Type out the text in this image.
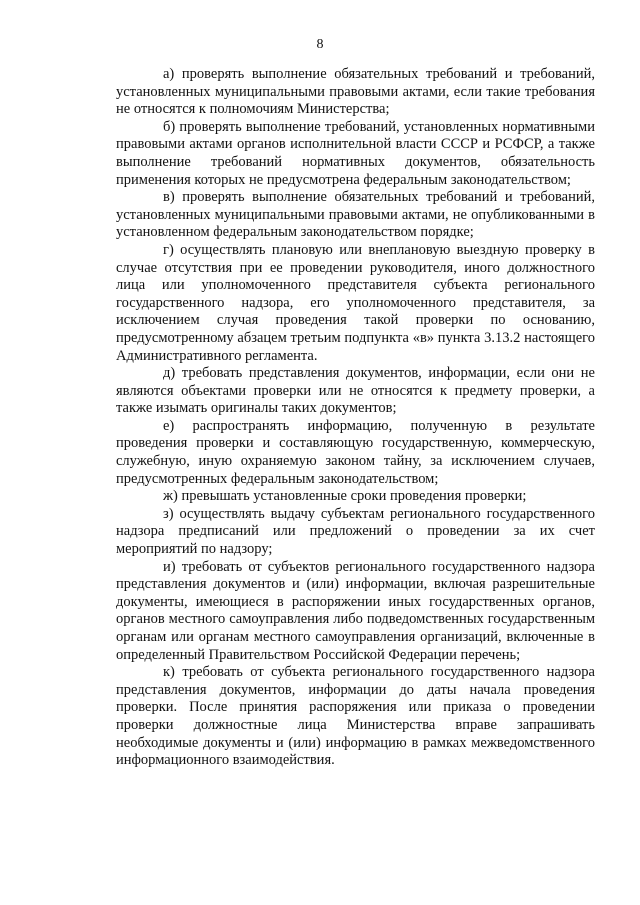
8

а) проверять выполнение обязательных требований и требований, установленных муниципальными правовыми актами, если такие требования не относятся к полномочиям Министерства;

б) проверять выполнение требований, установленных нормативными правовыми актами органов исполнительной власти СССР и РСФСР, а также выполнение требований нормативных документов, обязательность применения которых не предусмотрена федеральным законодательством;

в) проверять выполнение обязательных требований и требований, установленных муниципальными правовыми актами, не опубликованными в установленном федеральным законодательством порядке;

г) осуществлять плановую или внеплановую выездную проверку в случае отсутствия при ее проведении руководителя, иного должностного лица или уполномоченного представителя субъекта регионального государственного надзора, его уполномоченного представителя, за исключением случая проведения такой проверки по основанию, предусмотренному абзацем третьим подпункта «в» пункта 3.13.2 настоящего Административного регламента.

д) требовать представления документов, информации, если они не являются объектами проверки или не относятся к предмету проверки, а также изымать оригиналы таких документов;

е) распространять информацию, полученную в результате проведения проверки и составляющую государственную, коммерческую, служебную, иную охраняемую законом тайну, за исключением случаев, предусмотренных федеральным законодательством;

ж) превышать установленные сроки проведения проверки;

з) осуществлять выдачу субъектам регионального государственного надзора предписаний или предложений о проведении за их счет мероприятий по надзору;

и) требовать от субъектов регионального государственного надзора представления документов и (или) информации, включая разрешительные документы, имеющиеся в распоряжении иных государственных органов, органов местного самоуправления либо подведомственных государственным органам или органам местного самоуправления организаций, включенные в определенный Правительством Российской Федерации перечень;

к) требовать от субъекта регионального государственного надзора представления документов, информации до даты начала проведения проверки. После принятия распоряжения или приказа о проведении проверки должностные лица Министерства вправе запрашивать необходимые документы и (или) информацию в рамках межведомственного информационного взаимодействия.
